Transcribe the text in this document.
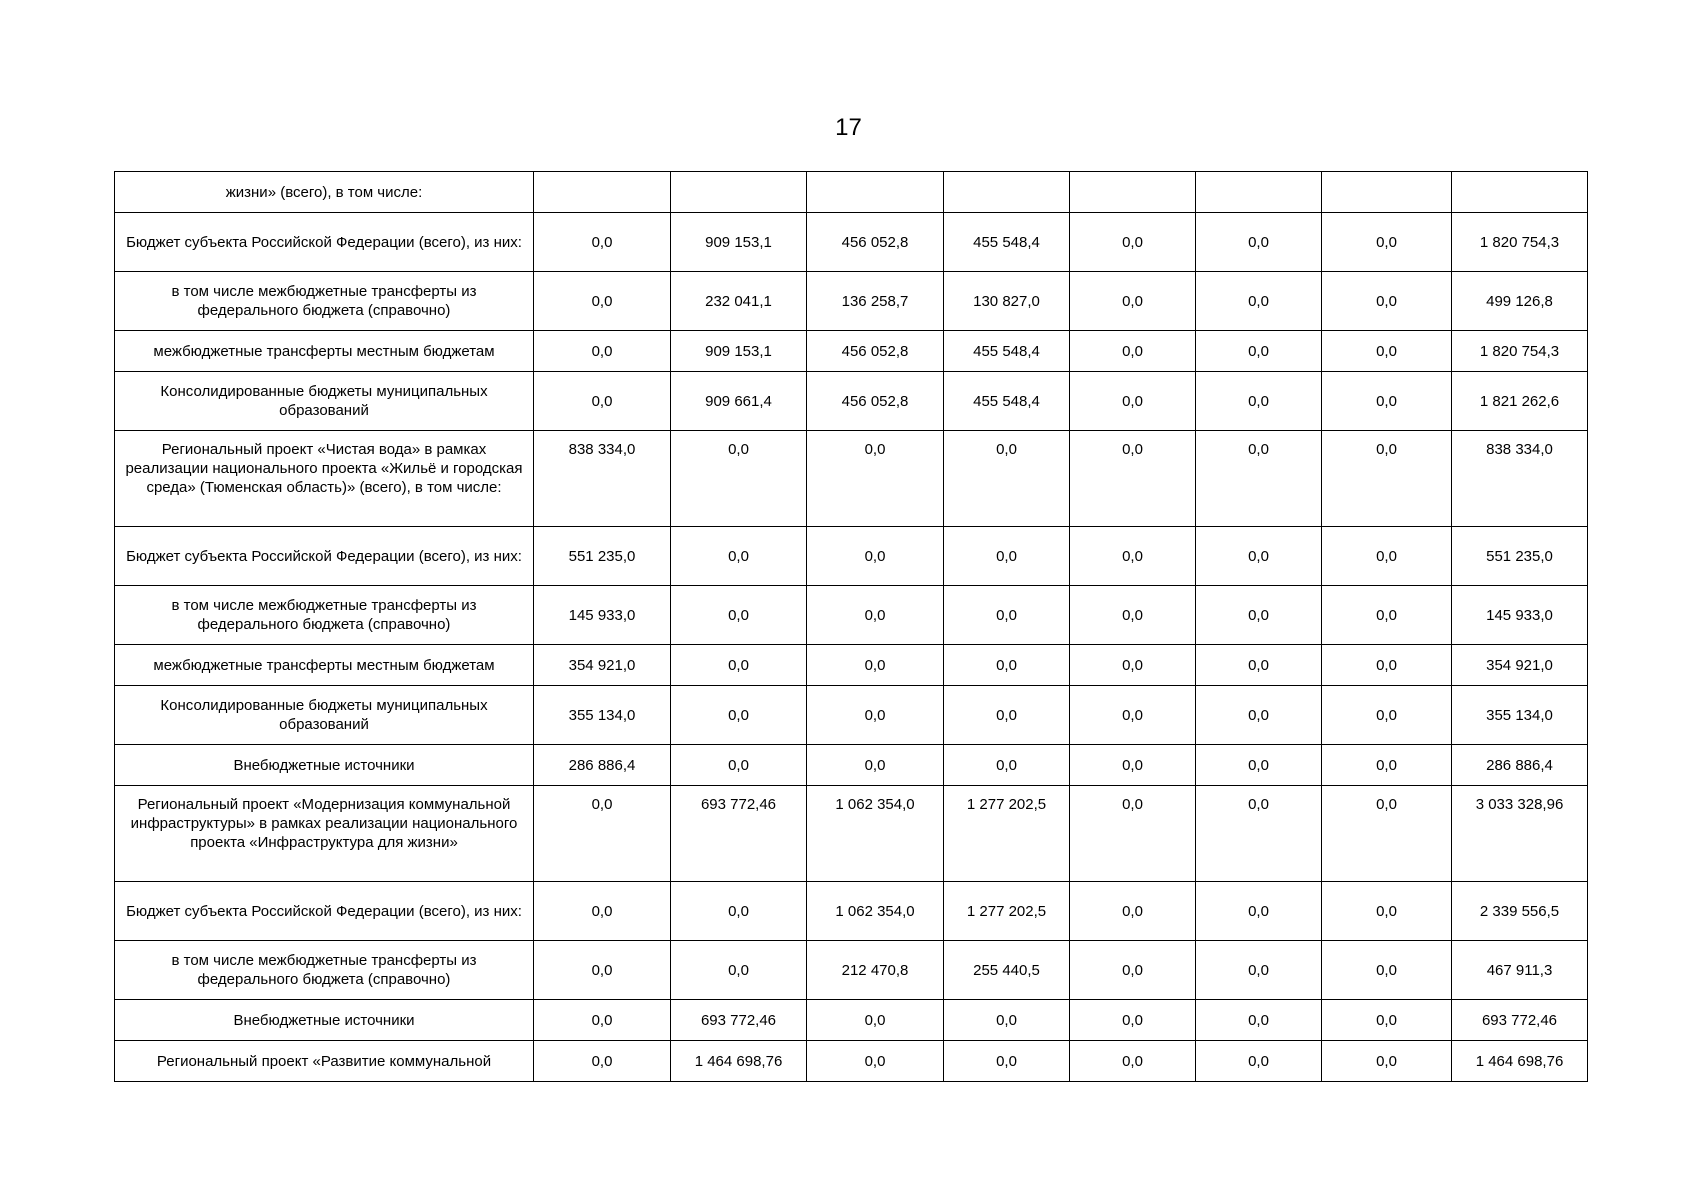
17
жизни» (всего), в том числе:								
Бюджет субъекта Российской Федерации (всего), из них:	0,0	909 153,1	456 052,8	455 548,4	0,0	0,0	0,0	1 820 754,3
в том числе межбюджетные трансферты из федерального бюджета (справочно)	0,0	232 041,1	136 258,7	130 827,0	0,0	0,0	0,0	499 126,8
межбюджетные трансферты местным бюджетам	0,0	909 153,1	456 052,8	455 548,4	0,0	0,0	0,0	1 820 754,3
Консолидированные бюджеты муниципальных образований	0,0	909 661,4	456 052,8	455 548,4	0,0	0,0	0,0	1 821 262,6
Региональный проект «Чистая вода» в рамках реализации национального проекта «Жильё и городская среда» (Тюменская область)» (всего), в том числе:	838 334,0	0,0	0,0	0,0	0,0	0,0	0,0	838 334,0
Бюджет субъекта Российской Федерации (всего), из них:	551 235,0	0,0	0,0	0,0	0,0	0,0	0,0	551 235,0
в том числе межбюджетные трансферты из федерального бюджета (справочно)	145 933,0	0,0	0,0	0,0	0,0	0,0	0,0	145 933,0
межбюджетные трансферты местным бюджетам	354 921,0	0,0	0,0	0,0	0,0	0,0	0,0	354 921,0
Консолидированные бюджеты муниципальных образований	355 134,0	0,0	0,0	0,0	0,0	0,0	0,0	355 134,0
Внебюджетные источники	286 886,4	0,0	0,0	0,0	0,0	0,0	0,0	286 886,4
Региональный проект «Модернизация коммунальной инфраструктуры» в рамках реализации национального проекта «Инфраструктура для жизни»	0,0	693 772,46	1 062 354,0	1 277 202,5	0,0	0,0	0,0	3 033 328,96
Бюджет субъекта Российской Федерации (всего), из них:	0,0	0,0	1 062 354,0	1 277 202,5	0,0	0,0	0,0	2 339 556,5
в том числе межбюджетные трансферты из федерального бюджета (справочно)	0,0	0,0	212 470,8	255 440,5	0,0	0,0	0,0	467 911,3
Внебюджетные источники	0,0	693 772,46	0,0	0,0	0,0	0,0	0,0	693 772,46
Региональный проект «Развитие коммунальной	0,0	1 464 698,76	0,0	0,0	0,0	0,0	0,0	1 464 698,76
